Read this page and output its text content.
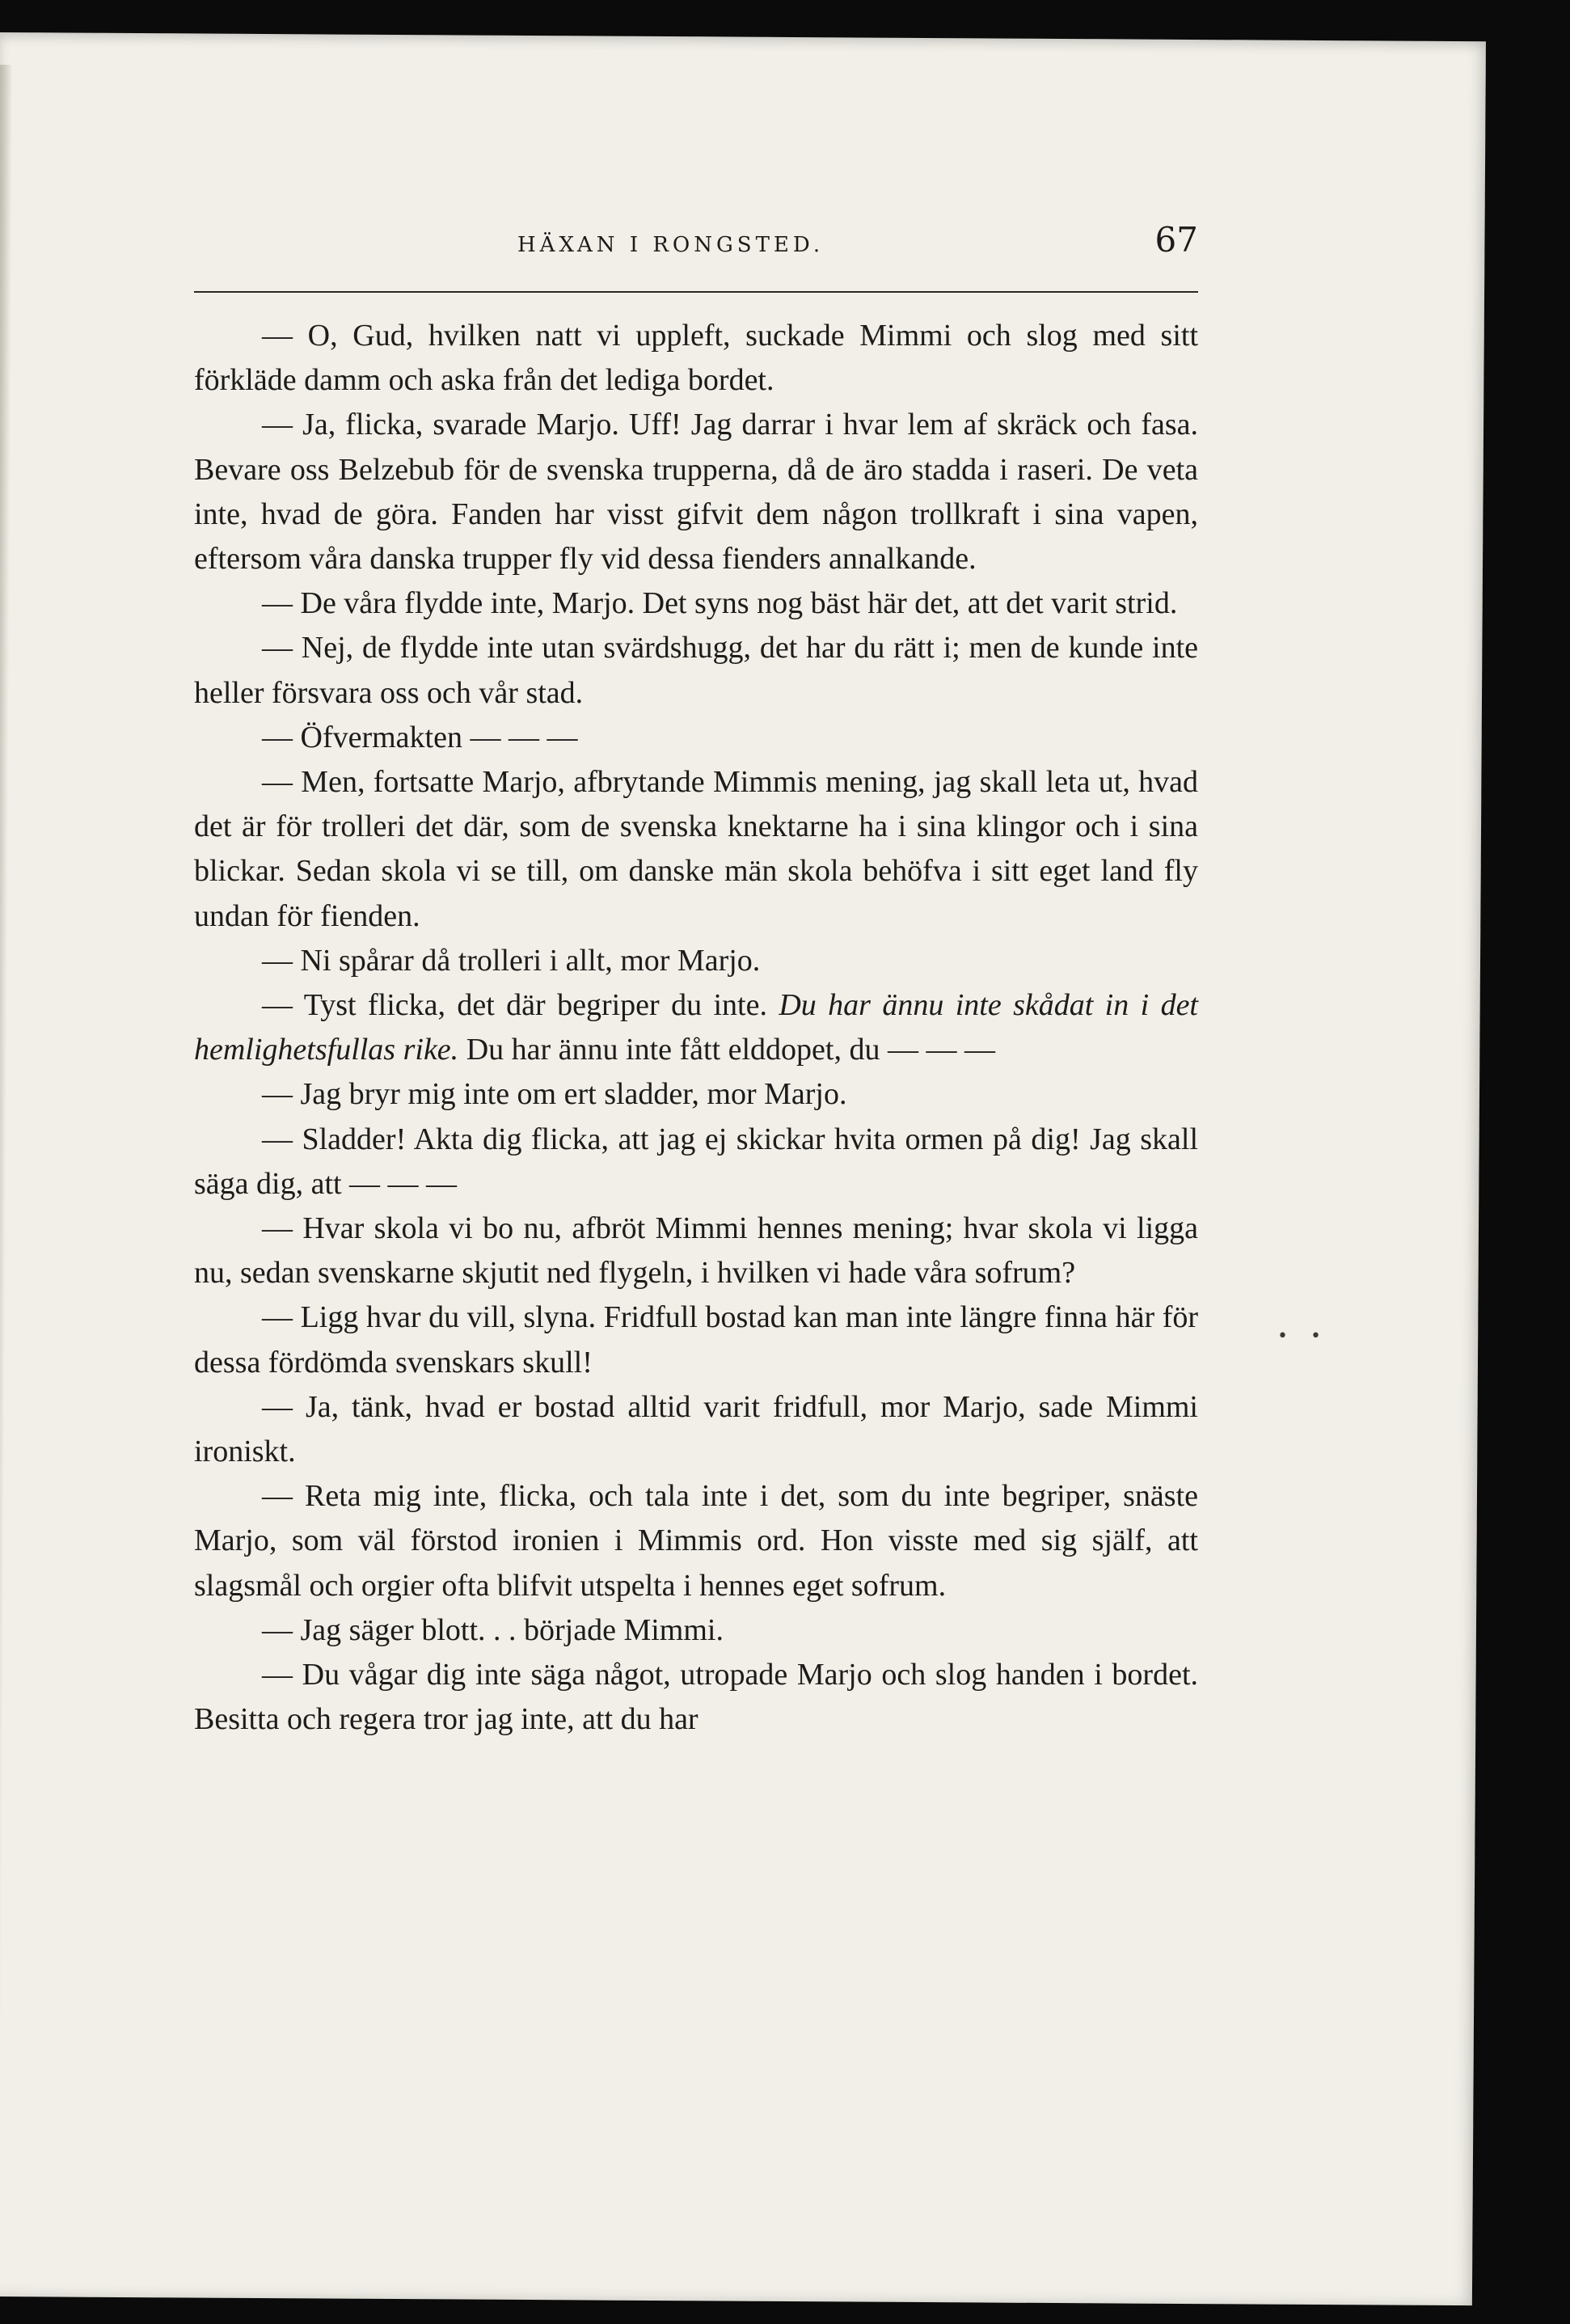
HÄXAN I RONGSTED.	67

— O, Gud, hvilken natt vi uppleft, suckade Mimmi och slog med sitt förkläde damm och aska från det lediga bordet.

— Ja, flicka, svarade Marjo. Uff! Jag darrar i hvar lem af skräck och fasa. Bevare oss Belzebub för de svenska trupperna, då de äro stadda i raseri. De veta inte, hvad de göra. Fanden har visst gifvit dem någon trollkraft i sina vapen, eftersom våra danska trupper fly vid dessa fienders annalkande.

— De våra flydde inte, Marjo. Det syns nog bäst här det, att det varit strid.

— Nej, de flydde inte utan svärdshugg, det har du rätt i; men de kunde inte heller försvara oss och vår stad.

— Öfvermakten — — —

— Men, fortsatte Marjo, afbrytande Mimmis mening, jag skall leta ut, hvad det är för trolleri det där, som de svenska knektarne ha i sina klingor och i sina blickar. Sedan skola vi se till, om danske män skola behöfva i sitt eget land fly undan för fienden.

— Ni spårar då trolleri i allt, mor Marjo.

— Tyst flicka, det där begriper du inte. Du har ännu inte skådat in i det hemlighetsfullas rike. Du har ännu inte fått elddopet, du — — —

— Jag bryr mig inte om ert sladder, mor Marjo.

— Sladder! Akta dig flicka, att jag ej skickar hvita ormen på dig! Jag skall säga dig, att — — —

— Hvar skola vi bo nu, afbröt Mimmi hennes mening; hvar skola vi ligga nu, sedan svenskarne skjutit ned flygeln, i hvilken vi hade våra sofrum?

— Ligg hvar du vill, slyna. Fridfull bostad kan man inte längre finna här för dessa fördömda svenskars skull!

— Ja, tänk, hvad er bostad alltid varit fridfull, mor Marjo, sade Mimmi ironiskt.

— Reta mig inte, flicka, och tala inte i det, som du inte begriper, snäste Marjo, som väl förstod ironien i Mimmis ord. Hon visste med sig själf, att slagsmål och orgier ofta blifvit utspelta i hennes eget sofrum.

— Jag säger blott. . . började Mimmi.

— Du vågar dig inte säga något, utropade Marjo och slog handen i bordet. Besitta och regera tror jag inte, att du har

••
